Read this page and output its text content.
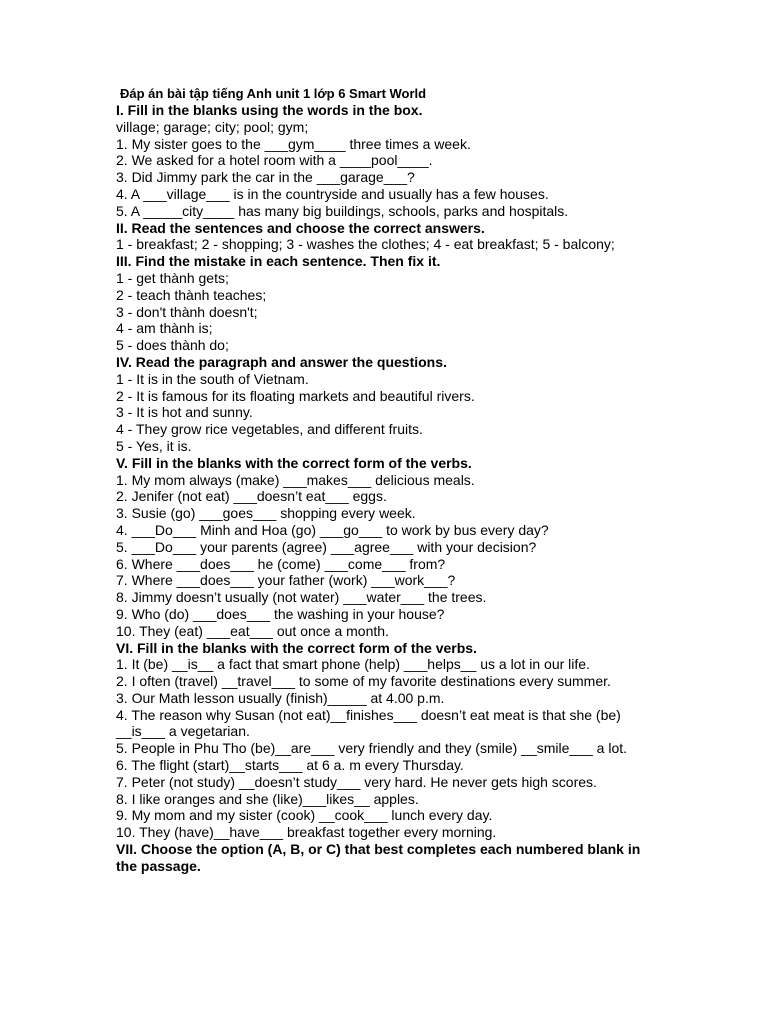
Đáp án bài tập tiếng Anh unit 1 lớp 6 Smart World
I. Fill in the blanks using the words in the box.
village; garage; city; pool; gym;
1. My sister goes to the ___gym____ three times a week.
2. We asked for a hotel room with a ____pool____.
3. Did Jimmy park the car in the ___garage___?
4. A ___village___ is in the countryside and usually has a few houses.
5. A _____city____ has many big buildings, schools, parks and hospitals.
II. Read the sentences and choose the correct answers.
1 - breakfast; 2 - shopping; 3 - washes the clothes; 4 - eat breakfast; 5 - balcony;
III. Find the mistake in each sentence. Then fix it.
1 - get thành gets;
2 - teach thành teaches;
3 - don't thành doesn't;
4 - am thành is;
5 - does thành do;
IV. Read the paragraph and answer the questions.
1 - It is in the south of Vietnam.
2 - It is famous for its floating markets and beautiful rivers.
3 - It is hot and sunny.
4 - They grow rice vegetables, and different fruits.
5 - Yes, it is.
V. Fill in the blanks with the correct form of the verbs.
1. My mom always (make) ___makes___ delicious meals.
2. Jenifer (not eat) ___doesn’t eat___ eggs.
3. Susie (go) ___goes___ shopping every week.
4. ___Do___ Minh and Hoa (go) ___go___ to work by bus every day?
5. ___Do___ your parents (agree) ___agree___ with your decision?
6. Where ___does___ he (come) ___come___ from?
7. Where ___does___ your father (work) ___work___?
8. Jimmy doesn’t usually (not water) ___water___ the trees.
9. Who (do) ___does___ the washing in your house?
10. They (eat) ___eat___ out once a month.
VI. Fill in the blanks with the correct form of the verbs.
1. It (be) __is__ a fact that smart phone (help) ___helps__ us a lot in our life.
2. I often (travel) __travel___ to some of my favorite destinations every summer.
3. Our Math lesson usually (finish)_____ at 4.00 p.m.
4. The reason why Susan (not eat)__finishes___ doesn’t eat meat is that she (be) __is___ a vegetarian.
5. People in Phu Tho (be)__are___ very friendly and they (smile) __smile___ a lot.
6. The flight (start)__starts___ at 6 a. m every Thursday.
7. Peter (not study) __doesn’t study___ very hard. He never gets high scores.
8. I like oranges and she (like)___likes__ apples.
9. My mom and my sister (cook) __cook___ lunch every day.
10. They (have)__have___ breakfast together every morning.
VII. Choose the option (A, B, or C) that best completes each numbered blank in the passage.
